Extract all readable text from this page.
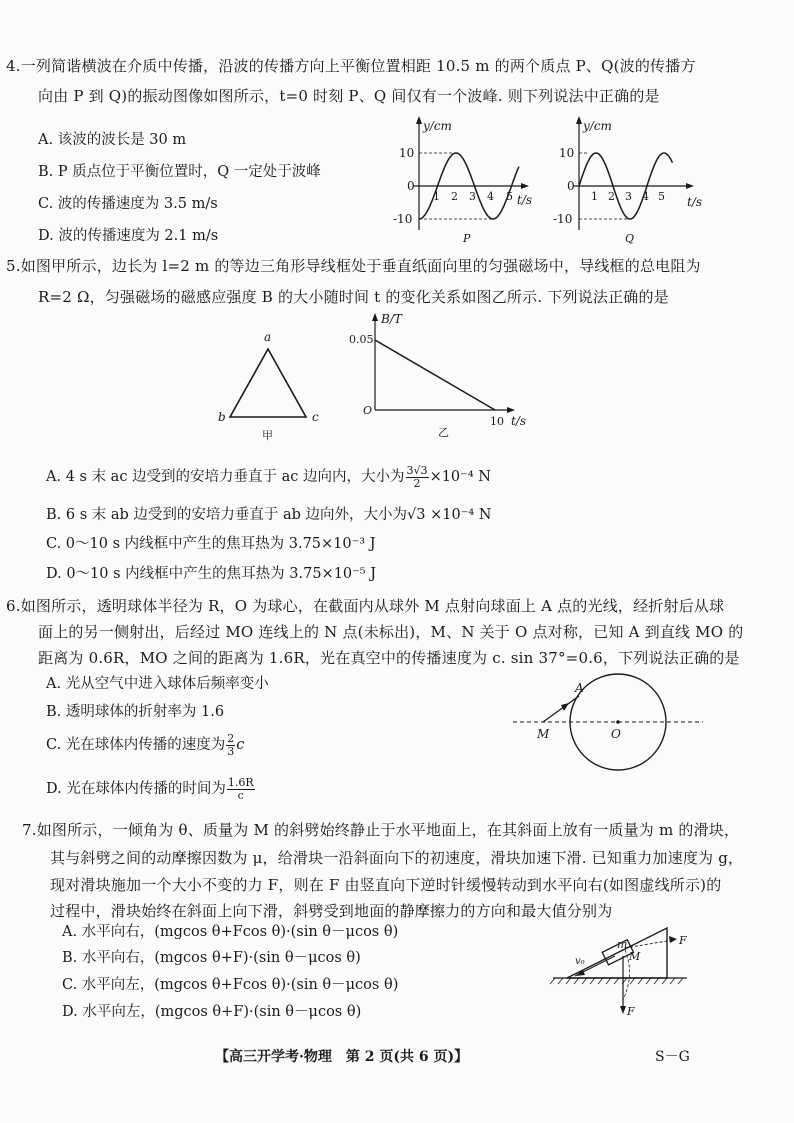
4.一列简谐横波在介质中传播，沿波的传播方向上平衡位置相距 10.5 m 的两个质点 P、Q(波的传播方
向由 P 到 Q)的振动图像如图所示，t=0 时刻 P、Q 间仅有一个波峰. 则下列说法中正确的是
A. 该波的波长是 30 m
B. P 质点位于平衡位置时，Q 一定处于波峰
C. 波的传播速度为 3.5 m/s
D. 波的传播速度为 2.1 m/s
y/cm
10
0
-10
1 2 3 4 5 t/s
P
y/cm
10
0
-10
1 2 3 4 5 t/s
Q
5.如图甲所示，边长为 l=2 m 的等边三角形导线框处于垂直纸面向里的匀强磁场中，导线框的总电阻为
R=2 Ω，匀强磁场的磁感应强度 B 的大小随时间 t 的变化关系如图乙所示. 下列说法正确的是
a
b	c
甲
B/T
0.05
O
10 t/s
乙
A. 4 s 末 ac 边受到的安培力垂直于 ac 边向内，大小为 $\frac{3√3}{2} \times 10^{-4}$ N
B. 6 s 末 ab 边受到的安培力垂直于 ab 边向外，大小为√3 ×10⁻⁴ N
C. 0～10 s 内线框中产生的焦耳热为 3.75×10⁻³ J
D. 0～10 s 内线框中产生的焦耳热为 3.75×10⁻⁵ J
6.如图所示，透明球体半径为 R，O 为球心，在截面内从球外 M 点射向球面上 A 点的光线，经折射后从球
面上的另一侧射出，后经过 MO 连线上的 N 点(未标出)，M、N 关于 O 点对称，已知 A 到直线 MO 的
距离为 0.6R，MO 之间的距离为 1.6R，光在真空中的传播速度为 c. sin 37°=0.6，下列说法正确的是
A. 光从空气中进入球体后频率变小
B. 透明球体的折射率为 1.6
C. 光在球体内传播的速度为 $\frac{2}{3}$ c
D. 光在球体内传播的时间为 $\frac{1.6R}{c}$
A
M	O
7.如图所示，一倾角为 θ、质量为 M 的斜劈始终静止于水平地面上，在其斜面上放有一质量为 m 的滑块，
其与斜劈之间的动摩擦因数为 μ，给滑块一沿斜面向下的初速度，滑块加速下滑. 已知重力加速度为 g，
现对滑块施加一个大小不变的力 F，则在 F 由竖直向下逆时针缓慢转动到水平向右(如图虚线所示)的
过程中，滑块始终在斜面上向下滑，斜劈受到地面的静摩擦力的方向和最大值分别为
A. 水平向右，(mgcos θ+Fcos θ)·(sin θ－μcos θ)
B. 水平向右，(mgcos θ+F)·(sin θ－μcos θ)
C. 水平向左，(mgcos θ+Fcos θ)·(sin θ－μcos θ)
D. 水平向左，(mgcos θ+F)·(sin θ－μcos θ)
m
M
v₀
F
F
【高三开学考·物理　第 2 页(共 6 页)】	S－G
